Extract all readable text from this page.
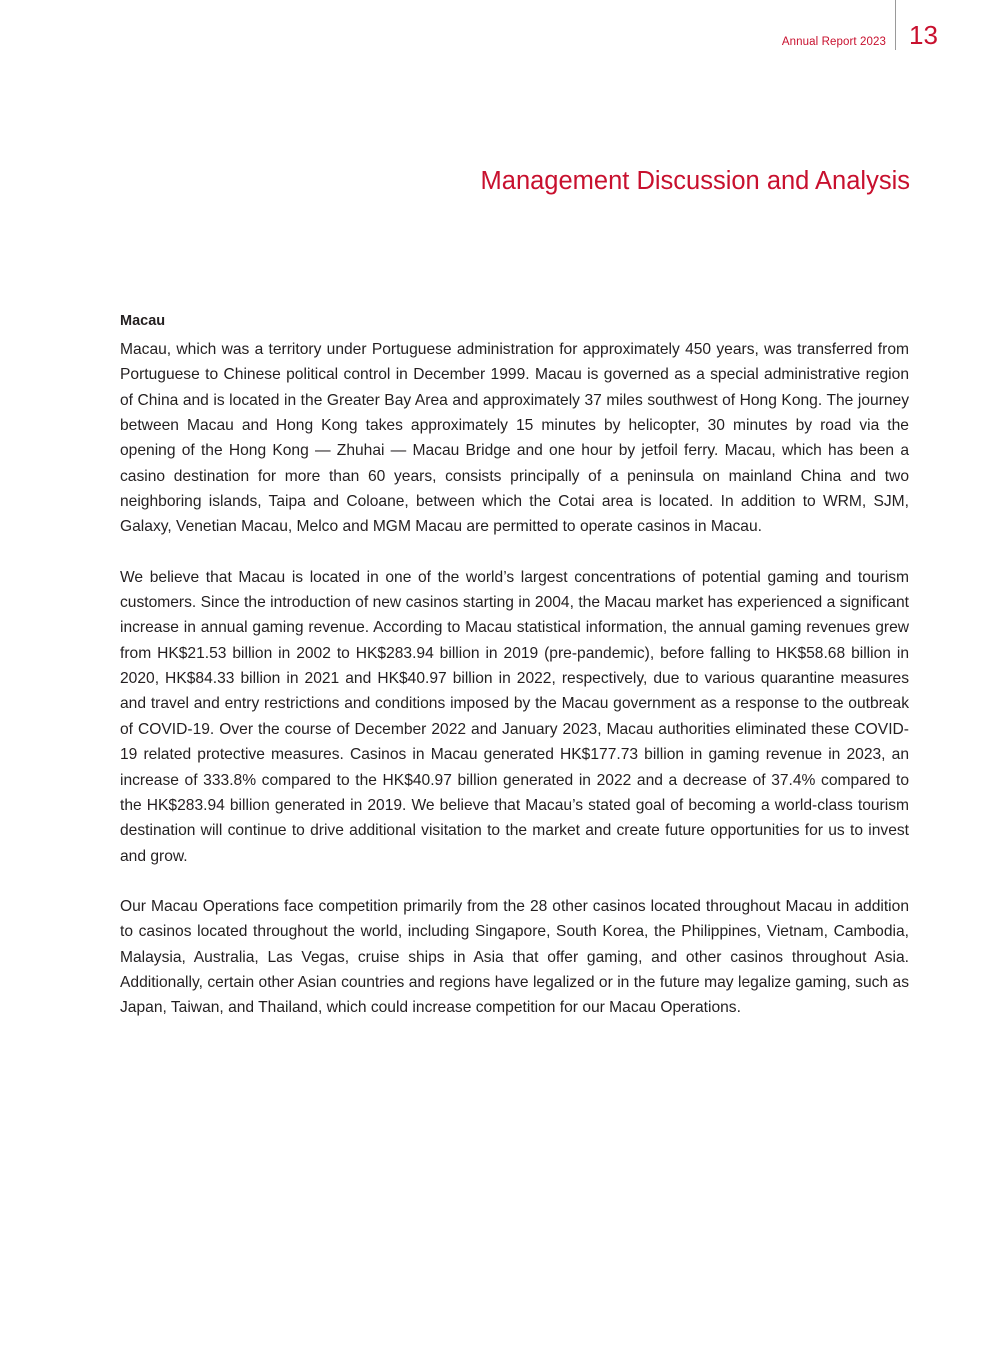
Annual Report 2023 13
Management Discussion and Analysis
Macau

Macau, which was a territory under Portuguese administration for approximately 450 years, was transferred from Portuguese to Chinese political control in December 1999. Macau is governed as a special administrative region of China and is located in the Greater Bay Area and approximately 37 miles southwest of Hong Kong. The journey between Macau and Hong Kong takes approximately 15 minutes by helicopter, 30 minutes by road via the opening of the Hong Kong — Zhuhai — Macau Bridge and one hour by jetfoil ferry. Macau, which has been a casino destination for more than 60 years, consists principally of a peninsula on mainland China and two neighboring islands, Taipa and Coloane, between which the Cotai area is located. In addition to WRM, SJM, Galaxy, Venetian Macau, Melco and MGM Macau are permitted to operate casinos in Macau.

We believe that Macau is located in one of the world’s largest concentrations of potential gaming and tourism customers. Since the introduction of new casinos starting in 2004, the Macau market has experienced a significant increase in annual gaming revenue. According to Macau statistical information, the annual gaming revenues grew from HK$21.53 billion in 2002 to HK$283.94 billion in 2019 (pre-pandemic), before falling to HK$58.68 billion in 2020, HK$84.33 billion in 2021 and HK$40.97 billion in 2022, respectively, due to various quarantine measures and travel and entry restrictions and conditions imposed by the Macau government as a response to the outbreak of COVID-19. Over the course of December 2022 and January 2023, Macau authorities eliminated these COVID-19 related protective measures. Casinos in Macau generated HK$177.73 billion in gaming revenue in 2023, an increase of 333.8% compared to the HK$40.97 billion generated in 2022 and a decrease of 37.4% compared to the HK$283.94 billion generated in 2019. We believe that Macau’s stated goal of becoming a world-class tourism destination will continue to drive additional visitation to the market and create future opportunities for us to invest and grow.

Our Macau Operations face competition primarily from the 28 other casinos located throughout Macau in addition to casinos located throughout the world, including Singapore, South Korea, the Philippines, Vietnam, Cambodia, Malaysia, Australia, Las Vegas, cruise ships in Asia that offer gaming, and other casinos throughout Asia. Additionally, certain other Asian countries and regions have legalized or in the future may legalize gaming, such as Japan, Taiwan, and Thailand, which could increase competition for our Macau Operations.
